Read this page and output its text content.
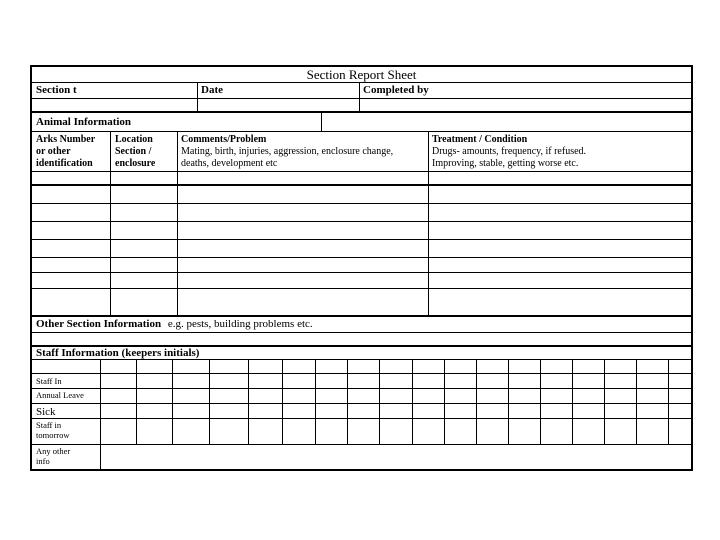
Section Report Sheet
Section t	Date	Completed by
Animal Information
Arks Number
or other
identification
Location
Section /
enclosure
Comments/Problem
Mating, birth, injuries, aggression, enclosure change,
deaths, development etc
Treatment / Condition
Drugs- amounts, frequency, if refused.
Improving, stable, getting worse etc.
Other Section Information e.g. pests, building problems etc.
Staff Information (keepers initials)
Staff In
Annual Leave
Sick
Staff in
tomorrow
Any other
info
